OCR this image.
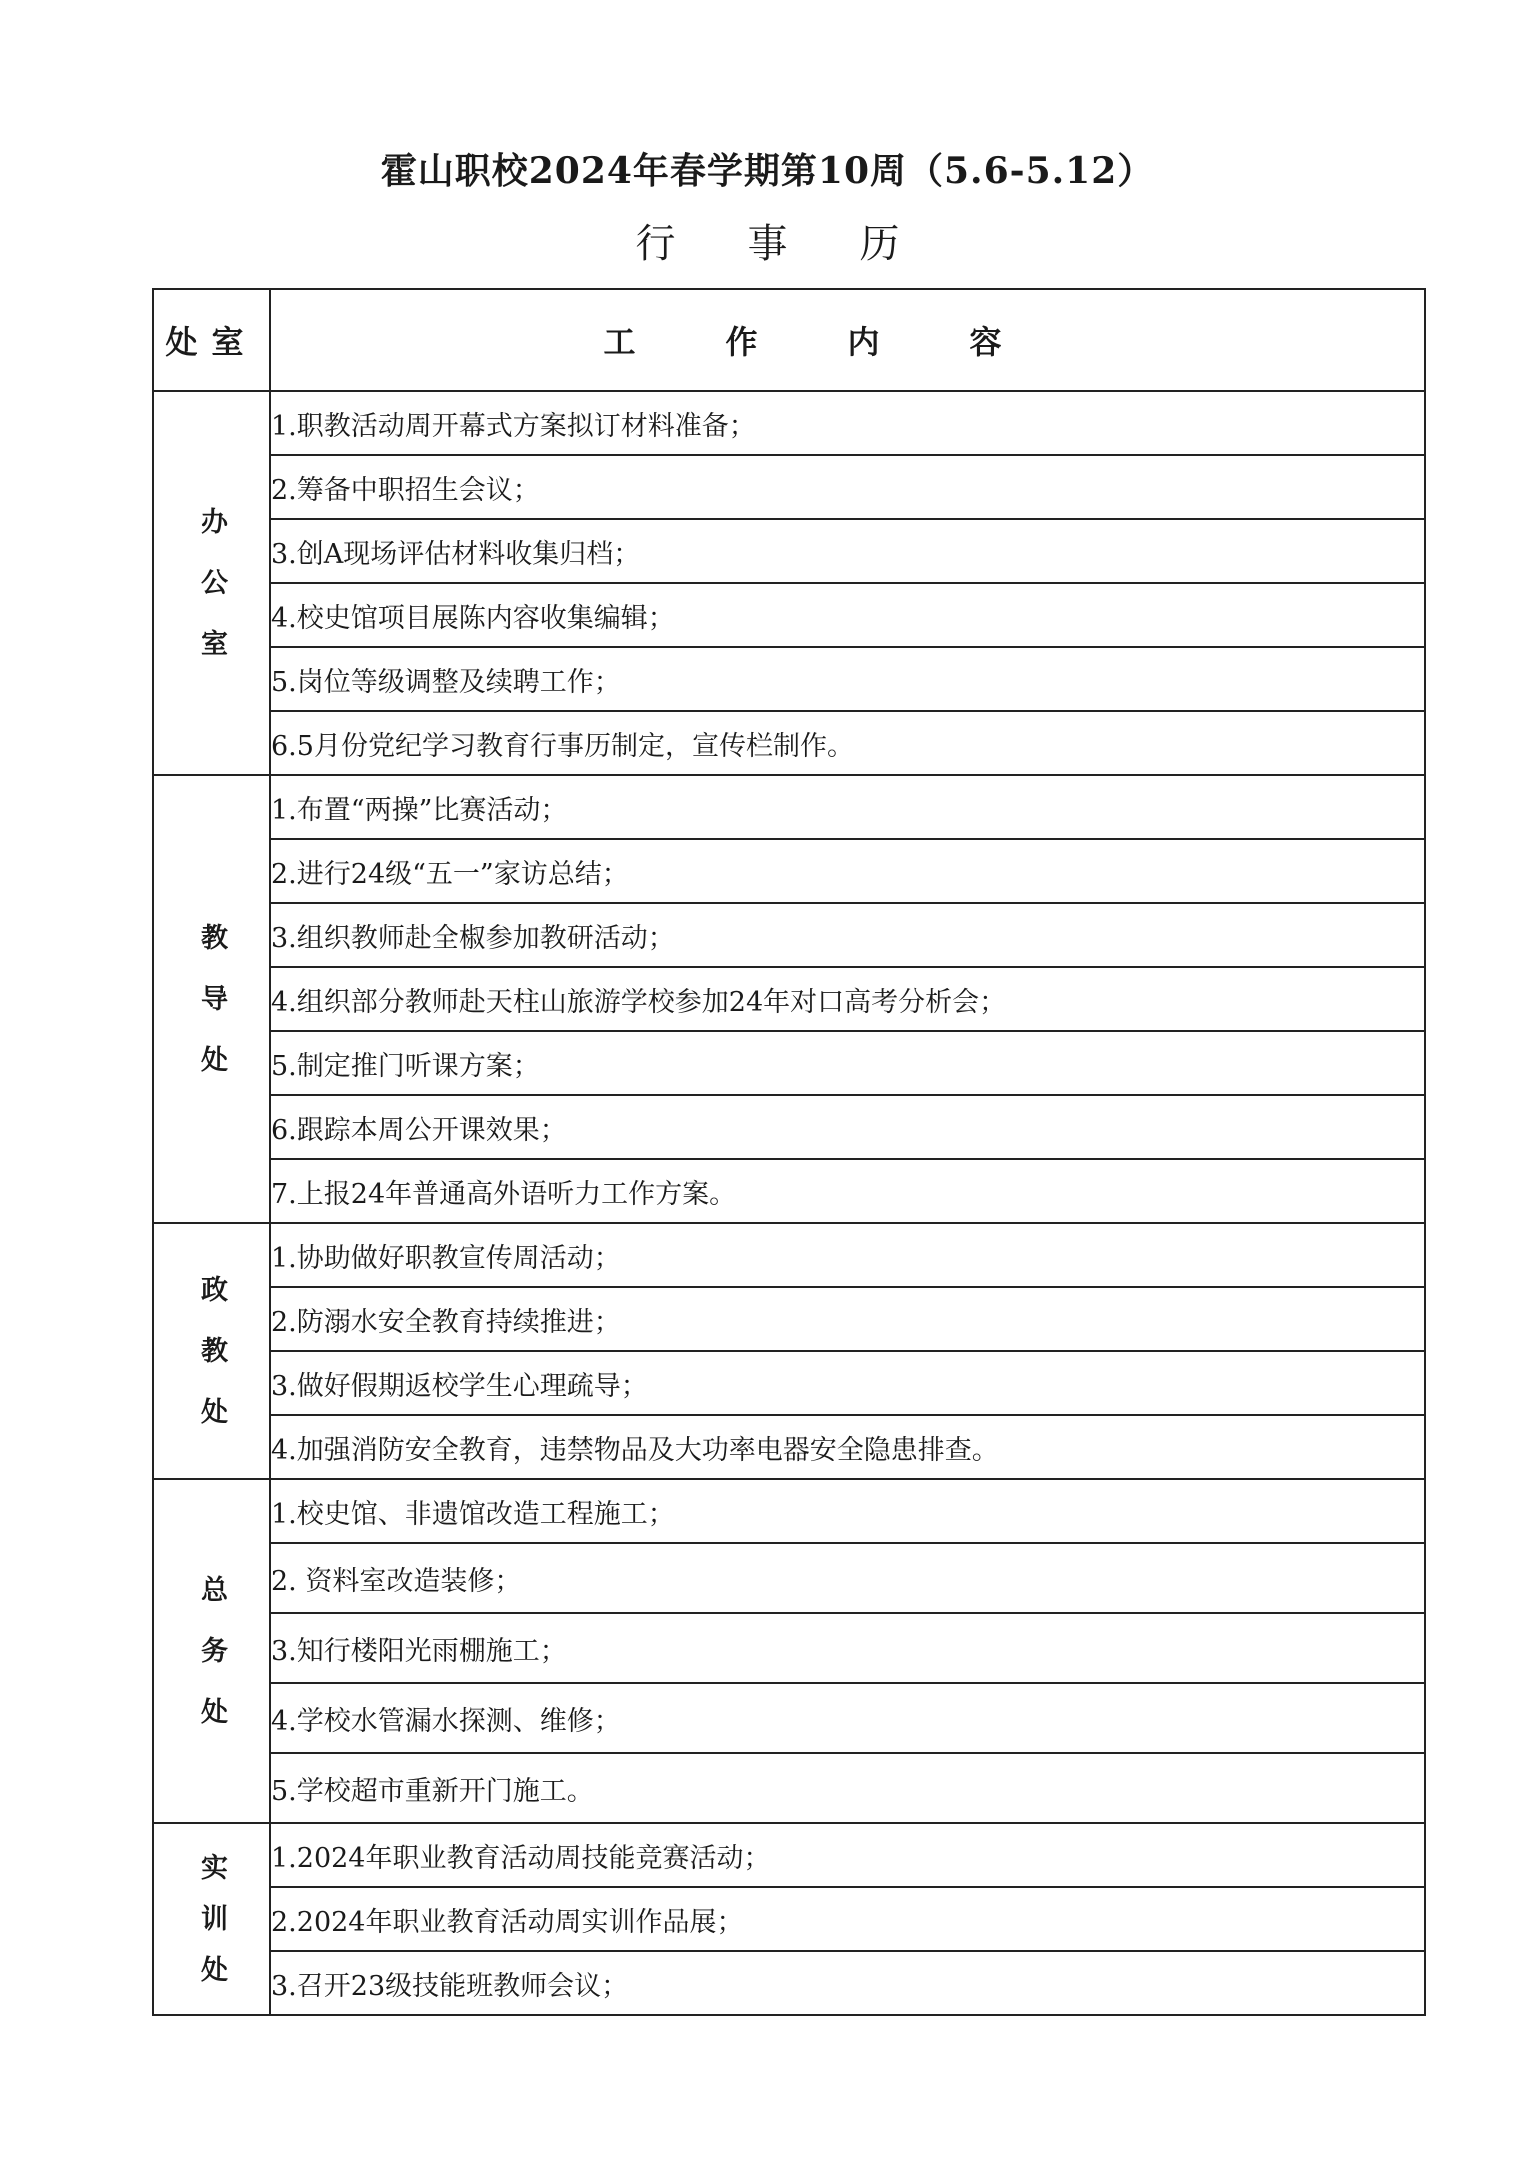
霍山职校2024年春学期第10周（5.6-5.12）
行事历
处室	工作内容
办公室	1.职教活动周开幕式方案拟订材料准备；
	2.筹备中职招生会议；
	3.创A现场评估材料收集归档；
	4.校史馆项目展陈内容收集编辑；
	5.岗位等级调整及续聘工作；
	6.5月份党纪学习教育行事历制定，宣传栏制作。
教导处	1.布置“两操”比赛活动；
	2.进行24级“五一”家访总结；
	3.组织教师赴全椒参加教研活动；
	4.组织部分教师赴天柱山旅游学校参加24年对口高考分析会；
	5.制定推门听课方案；
	6.跟踪本周公开课效果；
	7.上报24年普通高外语听力工作方案。
政教处	1.协助做好职教宣传周活动；
	2.防溺水安全教育持续推进；
	3.做好假期返校学生心理疏导；
	4.加强消防安全教育，违禁物品及大功率电器安全隐患排查。
总务处	1.校史馆、非遗馆改造工程施工；
	2. 资料室改造装修；
	3.知行楼阳光雨棚施工；
	4.学校水管漏水探测、维修；
	5.学校超市重新开门施工。
实训处	1.2024年职业教育活动周技能竞赛活动；
	2.2024年职业教育活动周实训作品展；
	3.召开23级技能班教师会议；
